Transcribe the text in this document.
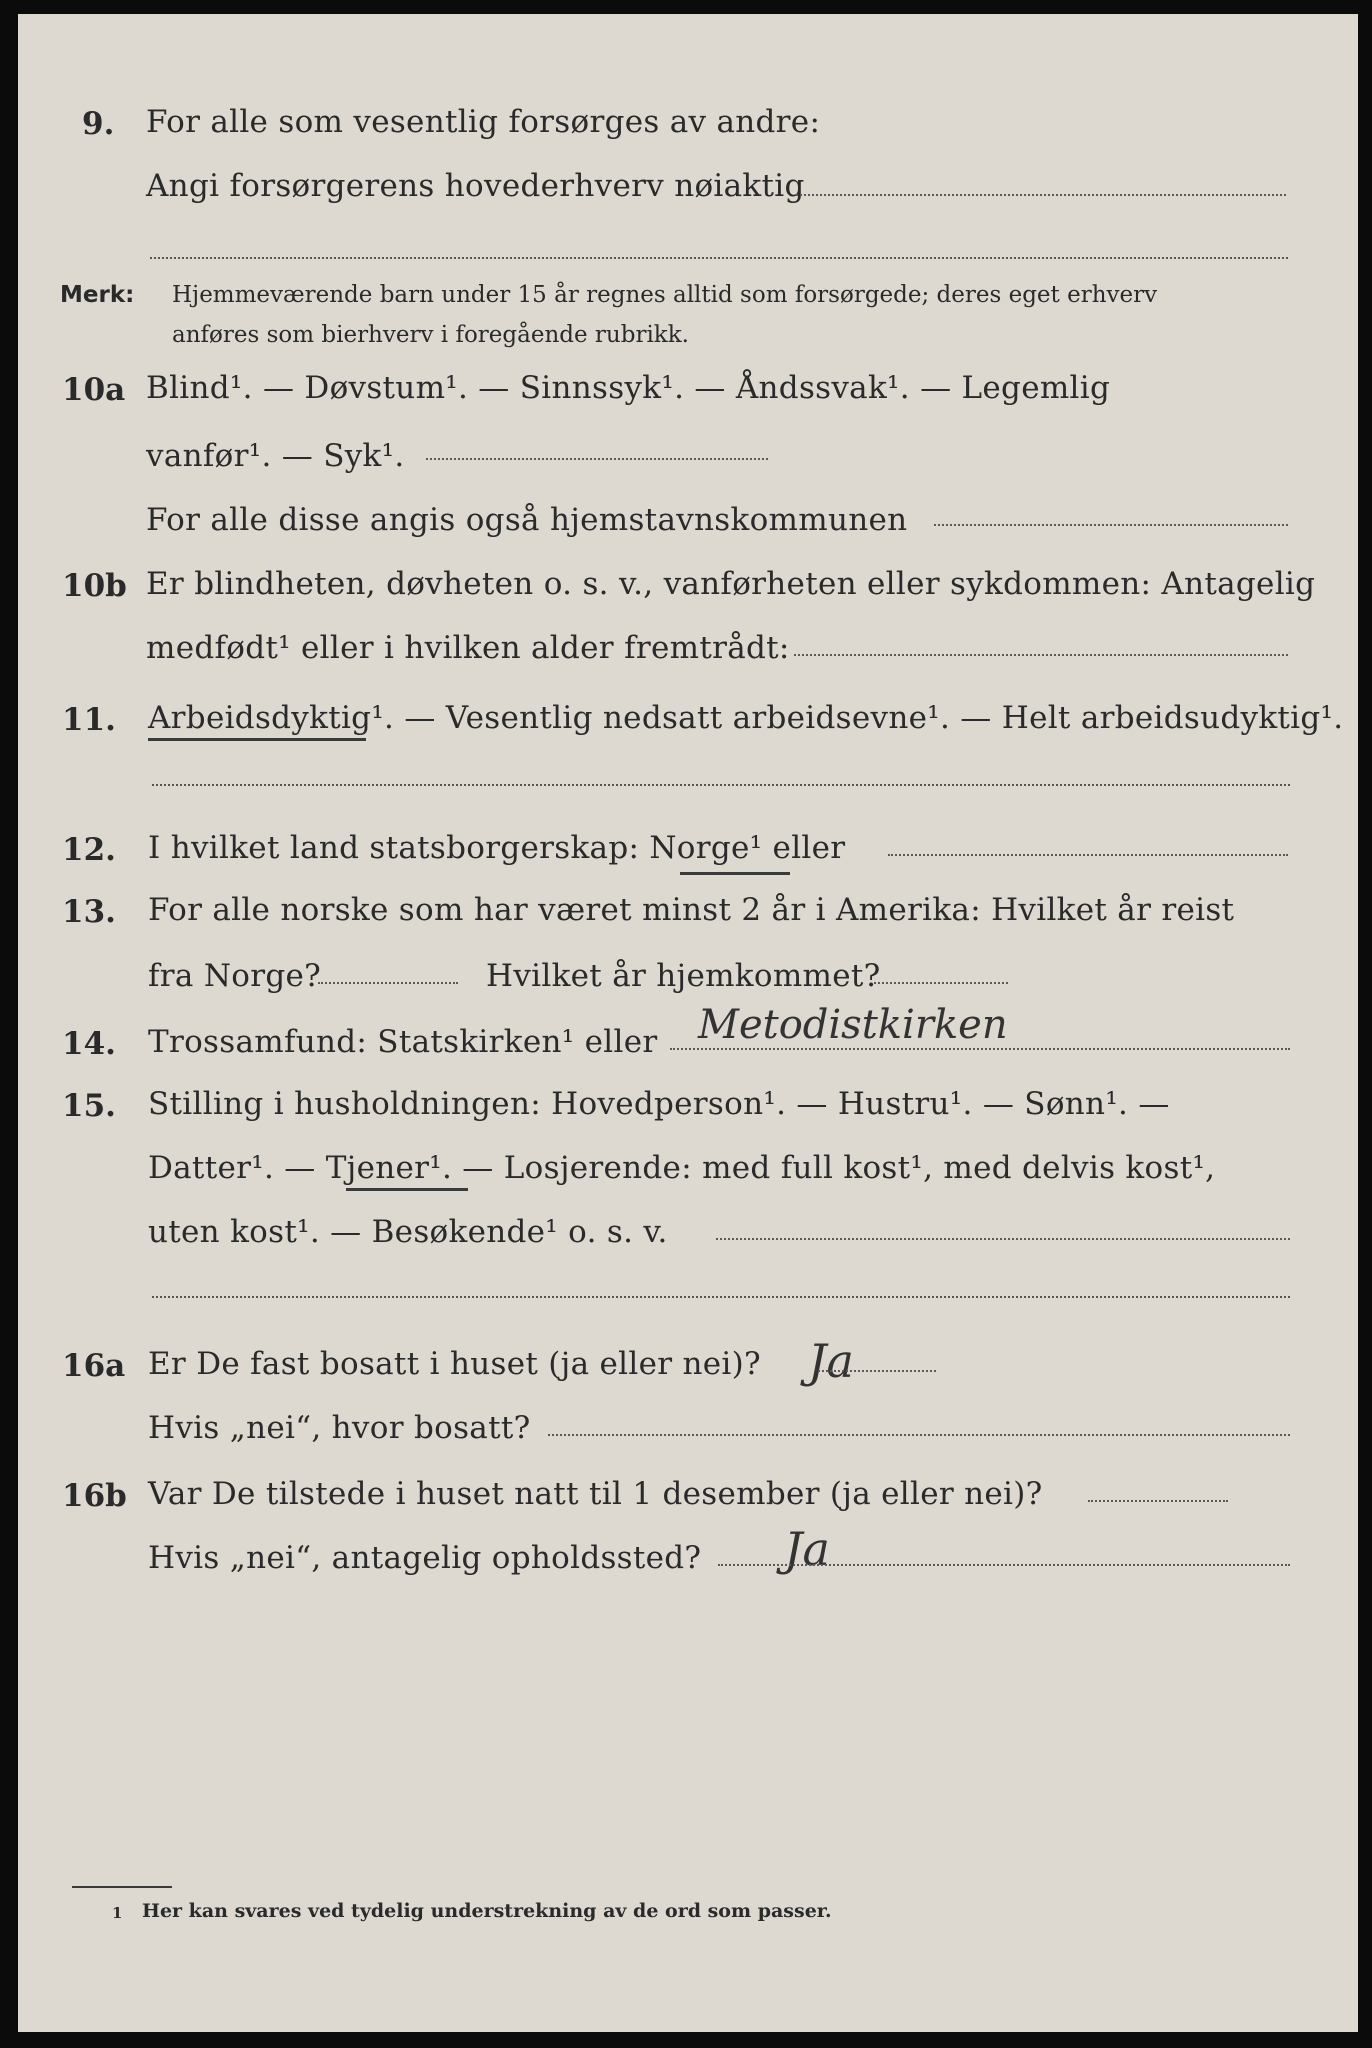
9. For alle som vesentlig forsørges av andre:
Angi forsørgerens hovederhverv nøiaktig
Merk: Hjemmeværende barn under 15 år regnes alltid som forsørgede; deres eget erhverv
anføres som bierhverv i foregående rubrikk.
10a Blind¹. — Døvstum¹. — Sinnssyk¹. — Åndssvak¹. — Legemlig
vanfør¹. — Syk¹.
For alle disse angis også hjemstavnskommunen
10b Er blindheten, døvheten o. s. v., vanførheten eller sykdommen: Antagelig
medfødt¹ eller i hvilken alder fremtrådt:
11. Arbeidsdyktig¹. — Vesentlig nedsatt arbeidsevne¹. — Helt arbeidsudyktig¹.
12. I hvilket land statsborgerskap: Norge¹ eller
13. For alle norske som har været minst 2 år i Amerika: Hvilket år reist
fra Norge?	Hvilket år hjemkommet?
14. Trossamfund: Statskirken¹ eller Metodistkirken
15. Stilling i husholdningen: Hovedperson¹. — Hustru¹. — Sønn¹. —
Datter¹. — Tjener¹. — Losjerende: med full kost¹, med delvis kost¹,
uten kost¹. — Besøkende¹ o. s. v.
16a Er De fast bosatt i huset (ja eller nei)? Ja
Hvis „nei“, hvor bosatt?
16b Var De tilstede i huset natt til 1 desember (ja eller nei)?
Hvis „nei“, antagelig opholdssted? Ja
1 Her kan svares ved tydelig understrekning av de ord som passer.
